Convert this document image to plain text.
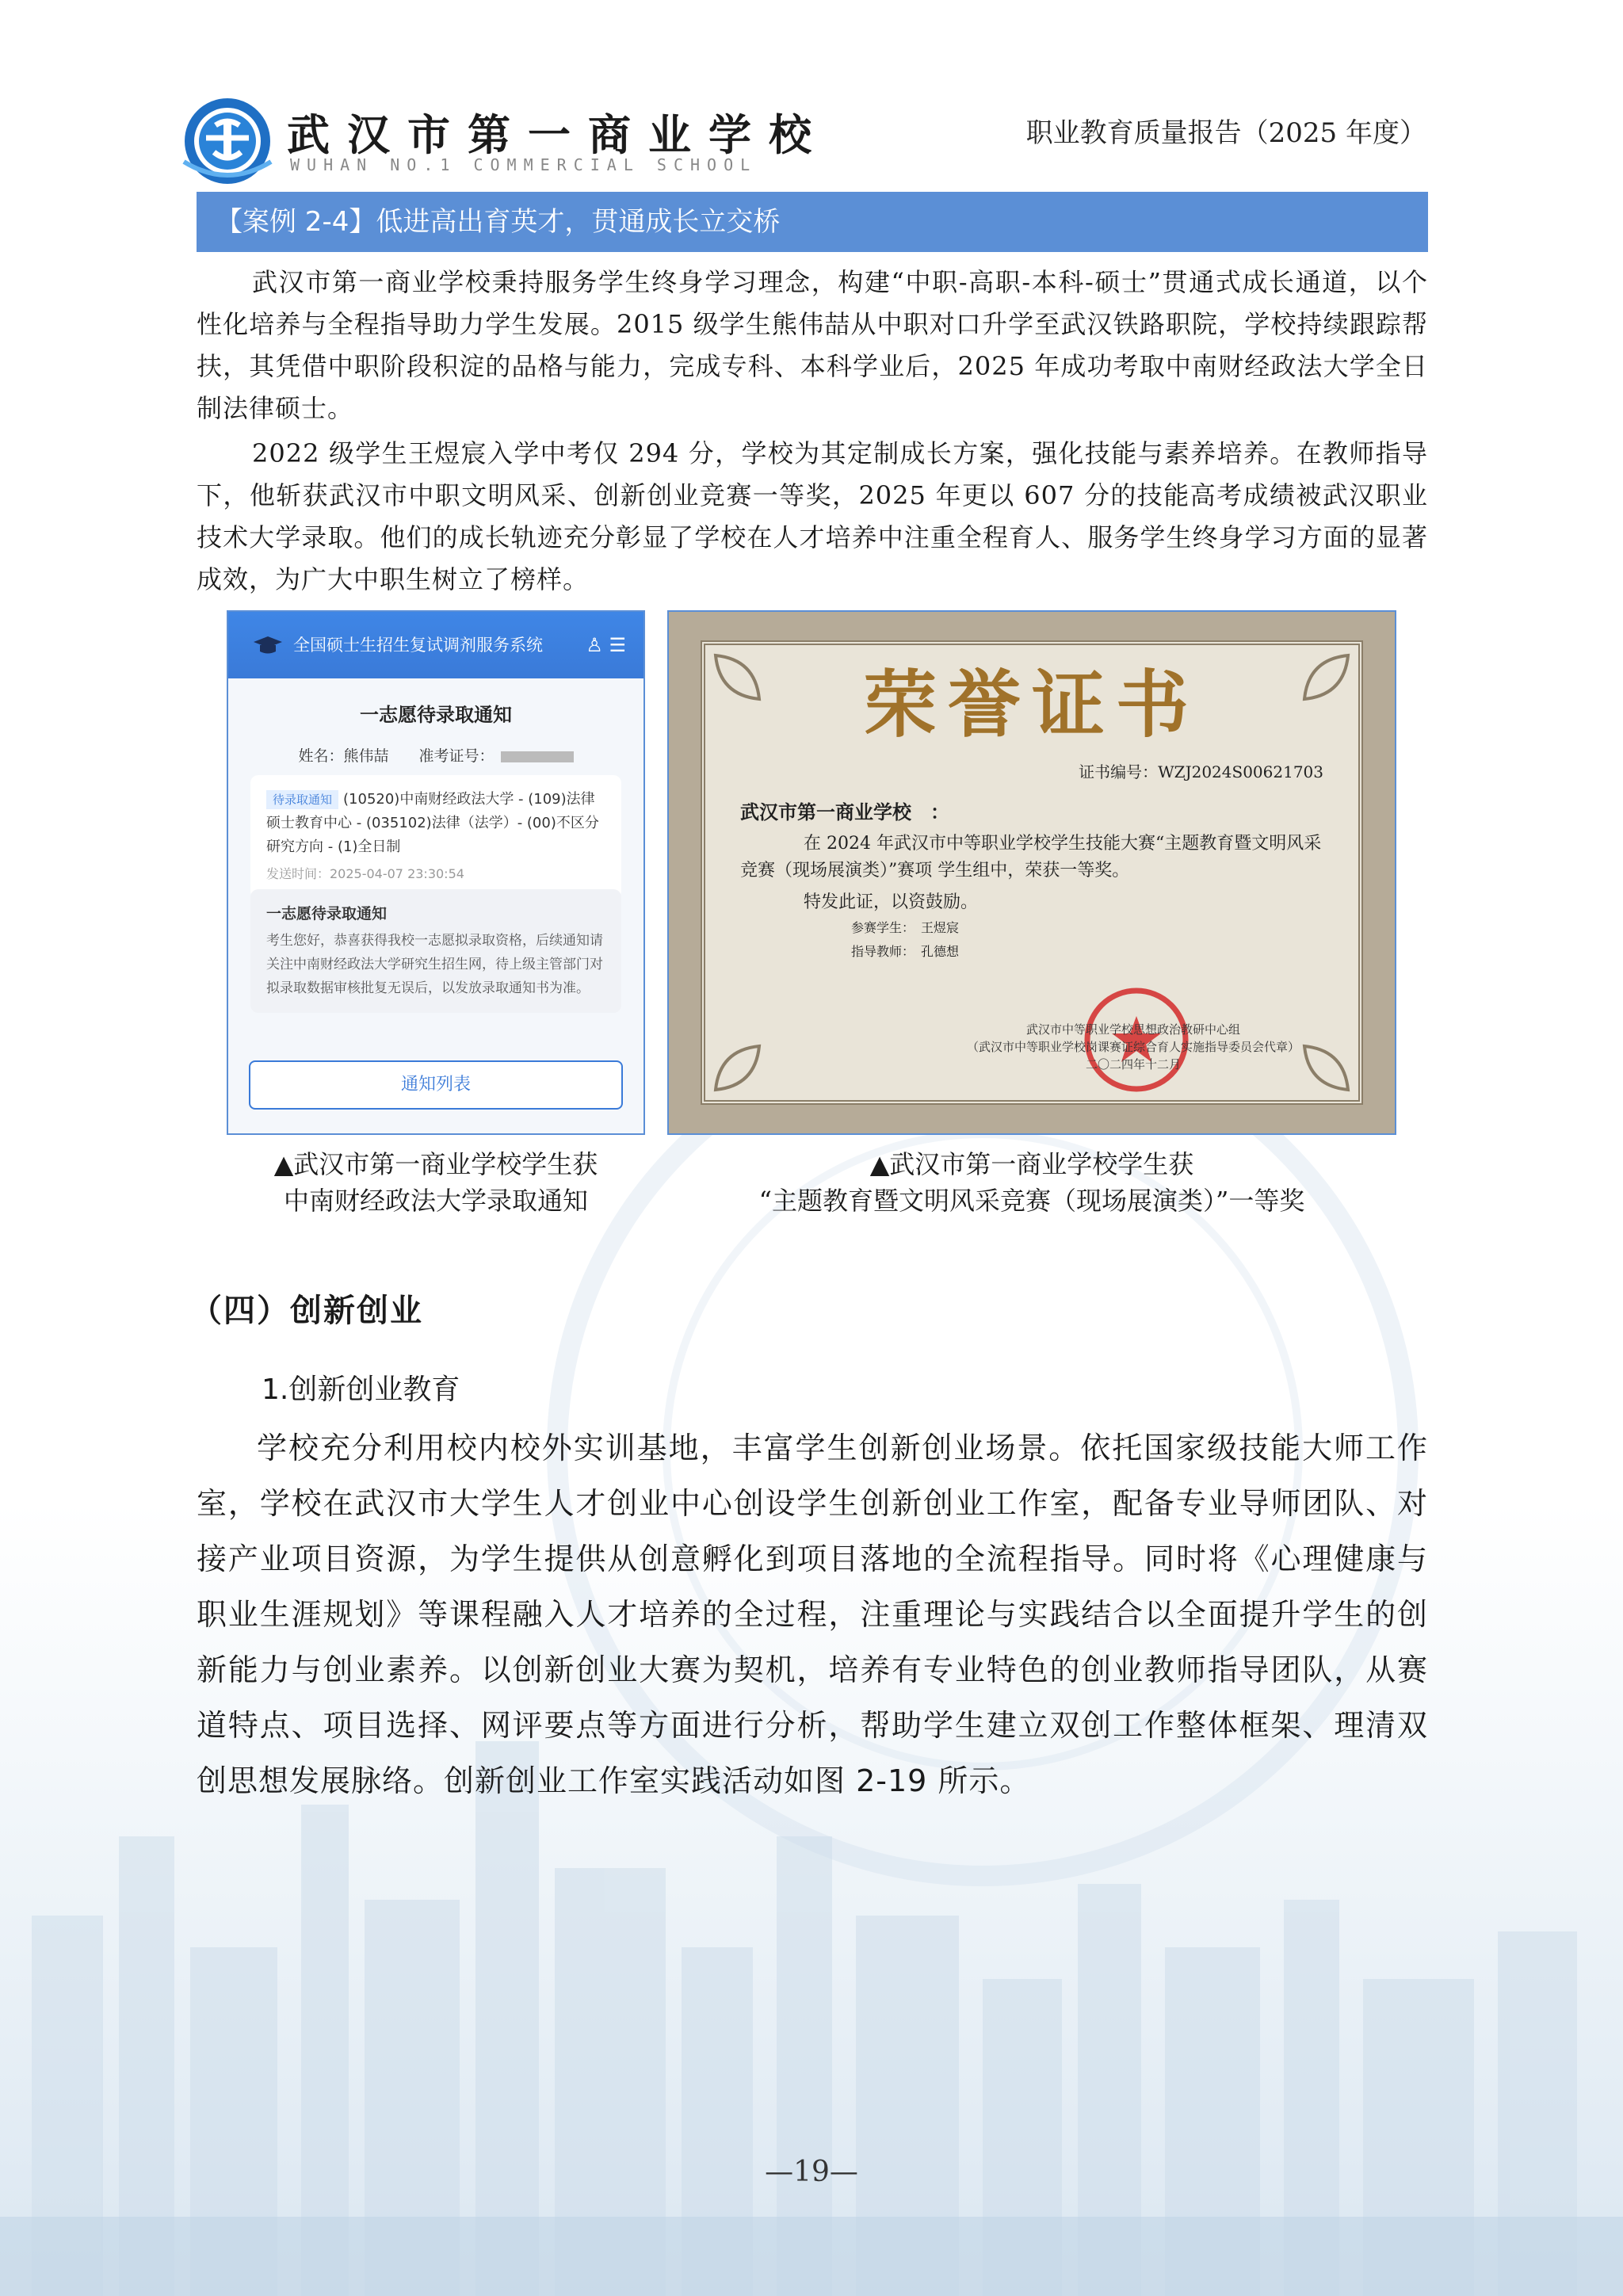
武汉市第一商业学校
WUHAN NO.1 COMMERCIAL SCHOOL
职业教育质量报告（2025 年度）
【案例 2-4】低进高出育英才，贯通成长立交桥

武汉市第一商业学校秉持服务学生终身学习理念，构建“中职-高职-本科-硕士”贯通式成长通道，以个性化培养与全程指导助力学生发展。2015 级学生熊伟喆从中职对口升学至武汉铁路职院，学校持续跟踪帮扶，其凭借中职阶段积淀的品格与能力，完成专科、本科学业后，2025 年成功考取中南财经政法大学全日制法律硕士。

2022 级学生王煜宸入学中考仅 294 分，学校为其定制成长方案，强化技能与素养培养。在教师指导下，他斩获武汉市中职文明风采、创新创业竞赛一等奖，2025 年更以 607 分的技能高考成绩被武汉职业技术大学录取。他们的成长轨迹充分彰显了学校在人才培养中注重全程育人、服务学生终身学习方面的显著成效，为广大中职生树立了榜样。

全国硕士生招生复试调剂服务系统 ♙ ☰
一志愿待录取通知
姓名：熊伟喆　　准考证号：
待录取通知 (10520)中南财经政法大学 - (109)法律硕士教育中心 - (035102)法律（法学）- (00)不区分研究方向 - (1)全日制
发送时间：2025-04-07 23:30:54
一志愿待录取通知
考生您好，恭喜获得我校一志愿拟录取资格，后续通知请关注中南财经政法大学研究生招生网，待上级主管部门对拟录取数据审核批复无误后，以发放录取通知书为准。
通知列表
荣誉证书
证书编号：WZJ2024S00621703
武汉市第一商业学校　：
在 2024 年武汉市中等职业学校学生技能大赛“主题教育暨文明风采竞赛（现场展演类）”赛项 学生组中，荣获一等奖。
特发此证，以资鼓励。
参赛学生：　王煜宸
指导教师：　孔德想
武汉市中等职业学校思想政治教研中心组
（武汉市中等职业学校岗课赛证综合育人实施指导委员会代章）
二〇二四年十二月
▲武汉市第一商业学校学生获
中南财经政法大学录取通知
▲武汉市第一商业学校学生获
“主题教育暨文明风采竞赛（现场展演类）”一等奖
（四）创新创业
1.创新创业教育

学校充分利用校内校外实训基地，丰富学生创新创业场景。依托国家级技能大师工作室，学校在武汉市大学生人才创业中心创设学生创新创业工作室，配备专业导师团队、对接产业项目资源，为学生提供从创意孵化到项目落地的全流程指导。同时将《心理健康与职业生涯规划》等课程融入人才培养的全过程，注重理论与实践结合以全面提升学生的创新能力与创业素养。以创新创业大赛为契机，培养有专业特色的创业教师指导团队，从赛道特点、项目选择、网评要点等方面进行分析，帮助学生建立双创工作整体框架、理清双创思想发展脉络。创新创业工作室实践活动如图 2-19 所示。

—19—
